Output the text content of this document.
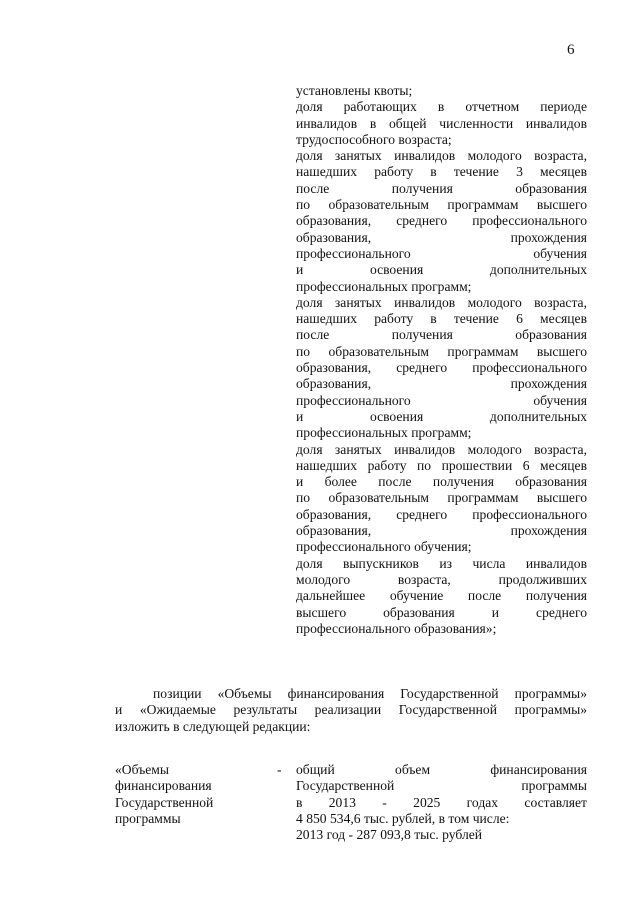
6
установлены квоты;
доля работающих в отчетном периоде
инвалидов в общей численности инвалидов
трудоспособного возраста;
доля занятых инвалидов молодого возраста,
нашедших работу в течение 3 месяцев
после получения образования
по образовательным программам высшего
образования, среднего профессионального
образования, прохождения
профессионального обучения
и освоения дополнительных
профессиональных программ;
доля занятых инвалидов молодого возраста,
нашедших работу в течение 6 месяцев
после получения образования
по образовательным программам высшего
образования, среднего профессионального
образования, прохождения
профессионального обучения
и освоения дополнительных
профессиональных программ;
доля занятых инвалидов молодого возраста,
нашедших работу по прошествии 6 месяцев
и более после получения образования
по образовательным программам высшего
образования, среднего профессионального
образования, прохождения
профессионального обучения;
доля выпускников из числа инвалидов
молодого возраста, продолживших
дальнейшее обучение после получения
высшего образования и среднего
профессионального образования»;
позиции «Объемы финансирования Государственной программы»
и «Ожидаемые результаты реализации Государственной программы»
изложить в следующей редакции:
-
«Объемы
финансирования
Государственной
программы
общий объем финансирования
Государственной программы
в 2013 - 2025 годах составляет
4 850 534,6 тыс. рублей, в том числе:
2013 год - 287 093,8 тыс. рублей
